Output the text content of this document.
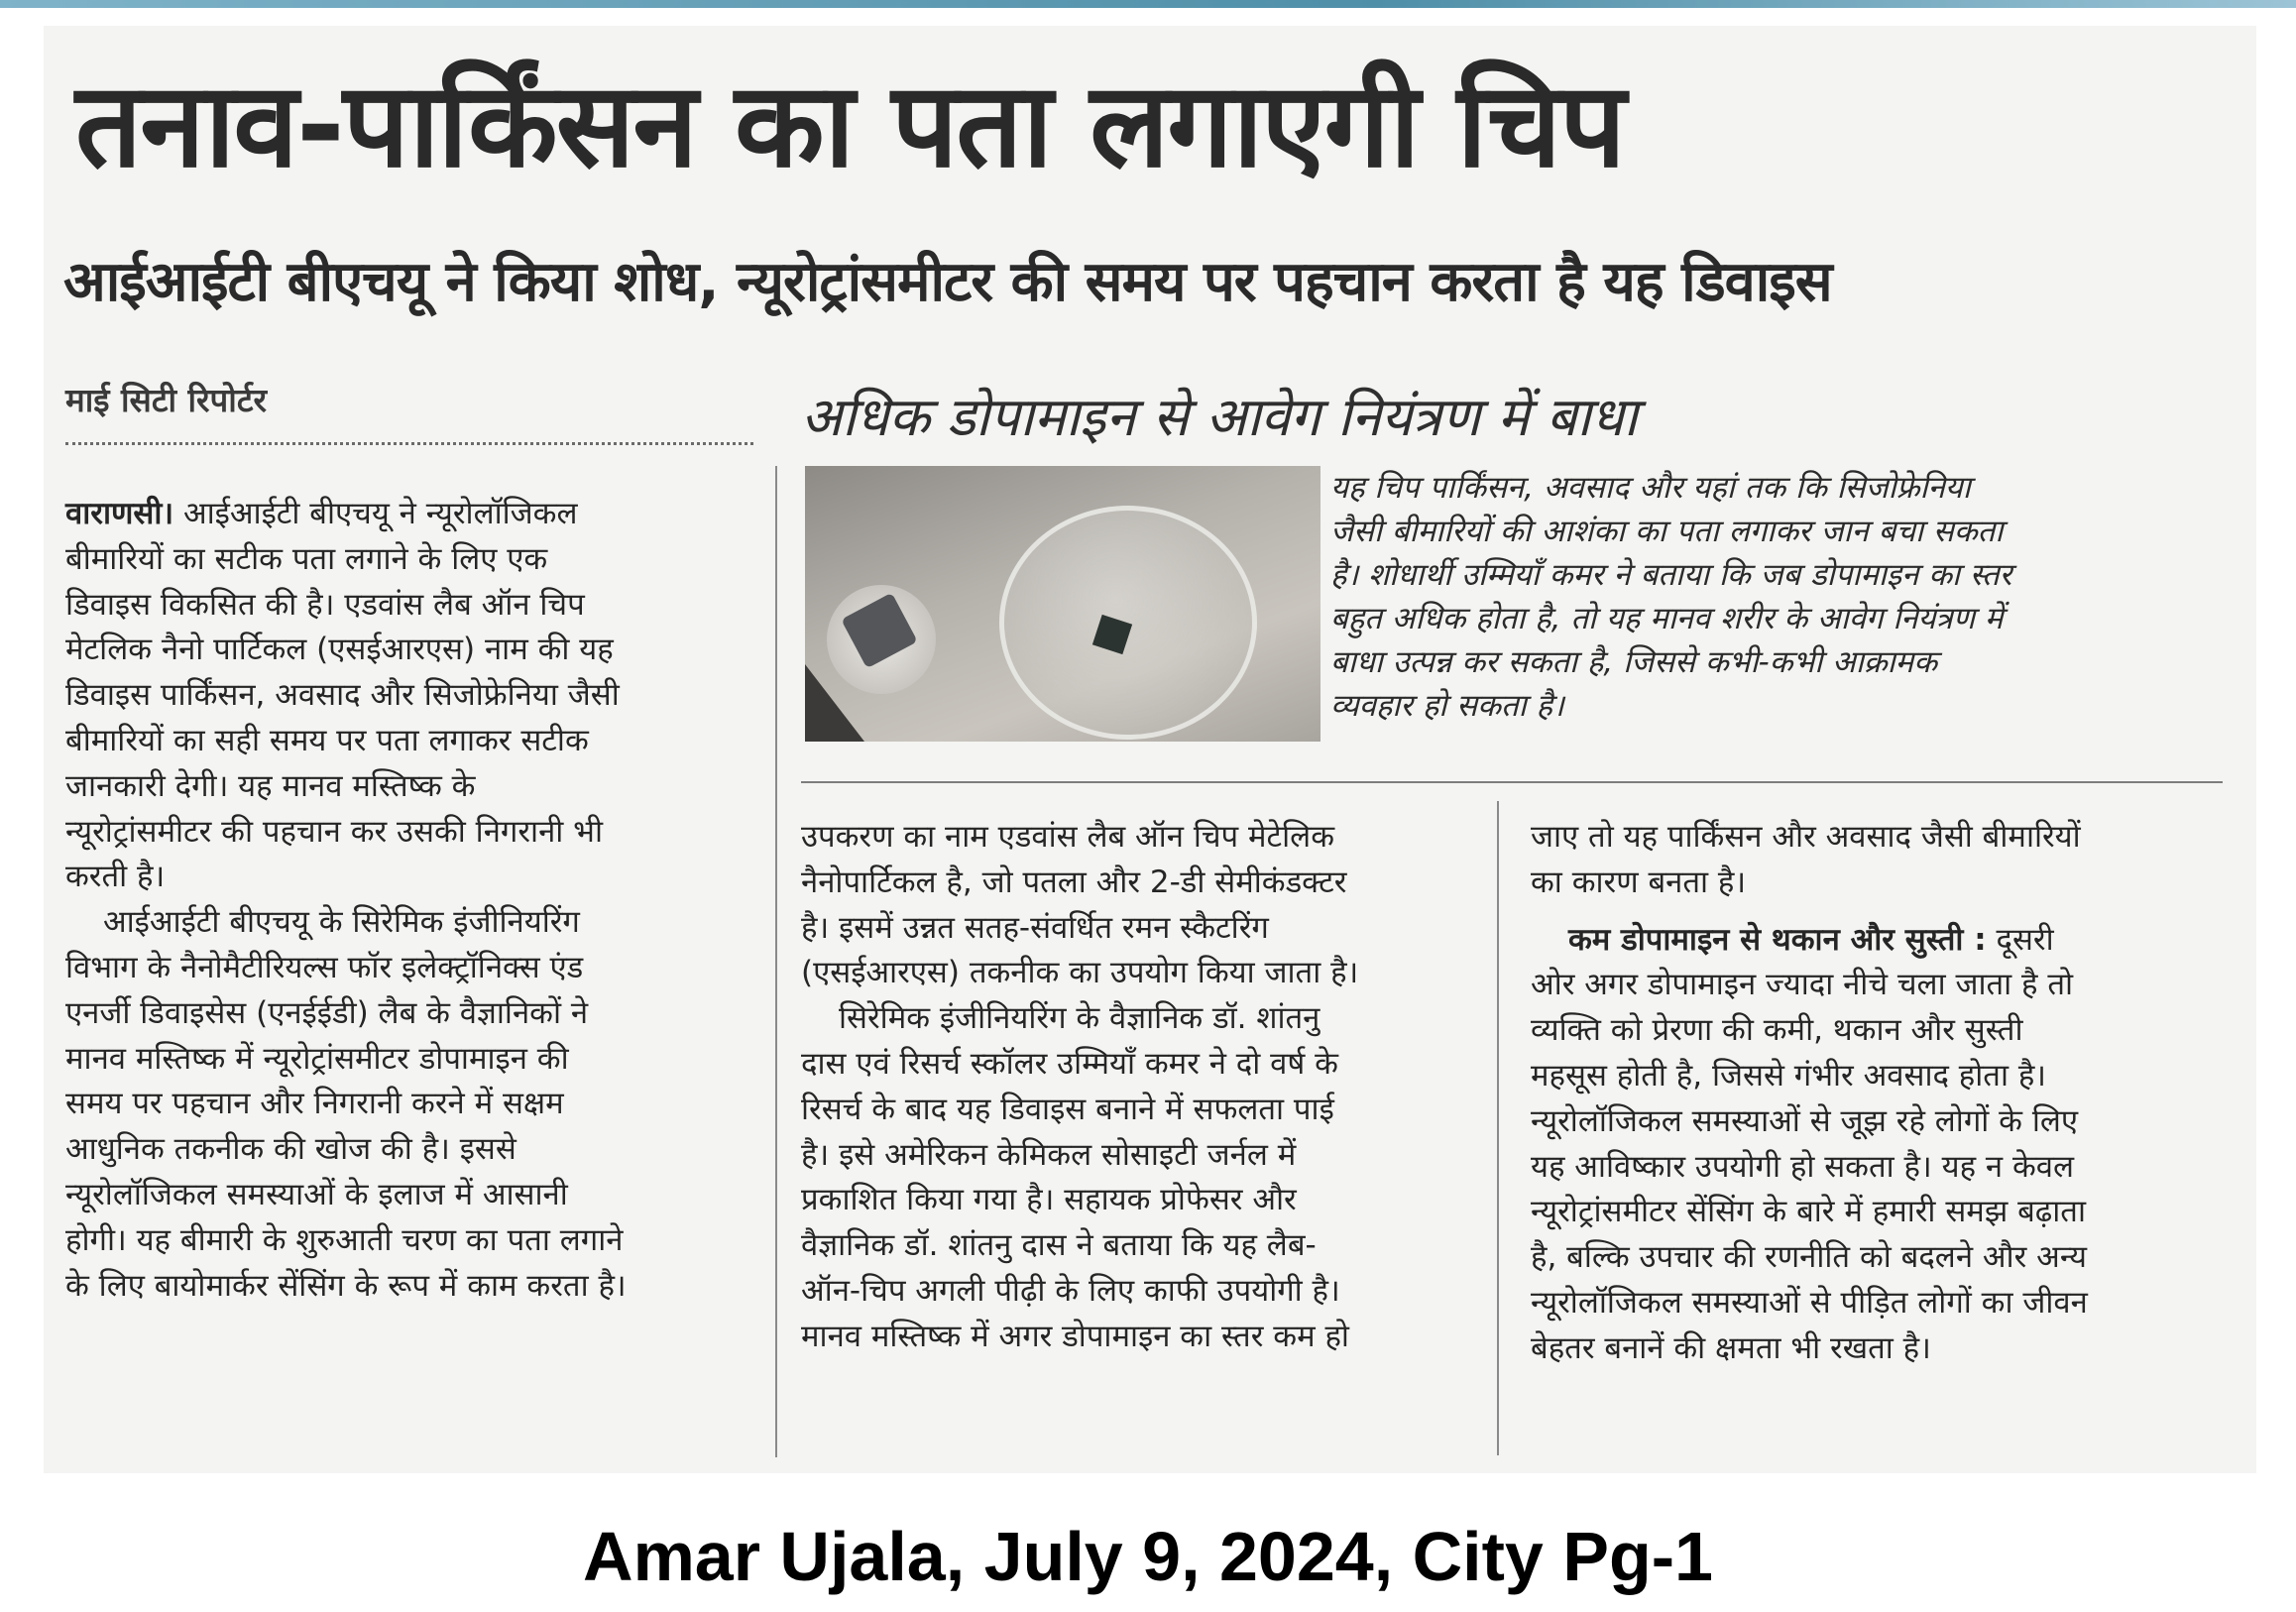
तनाव-पार्किंसन का पता लगाएगी चिप
आईआईटी बीएचयू ने किया शोध, न्यूरोट्रांसमीटर की समय पर पहचान करता है यह डिवाइस
माई सिटी रिपोर्टर	अधिक डोपामाइन से आवेग नियंत्रण में बाधा

यह चिप पार्किंसन, अवसाद और यहां तक कि सिजोफ्रेनिया

जैसी बीमारियों की आशंका का पता लगाकर जान बचा सकता

है। शोधार्थी उम्मियाँ कमर ने बताया कि जब डोपामाइन का स्तर

बहुत अधिक होता है, तो यह मानव शरीर के आवेग नियंत्रण में

बाधा उत्पन्न कर सकता है, जिससे कभी-कभी आक्रामक

व्यवहार हो सकता है।

वाराणसी। आईआईटी बीएचयू ने न्यूरोलॉजिकल

बीमारियों का सटीक पता लगाने के लिए एक

डिवाइस विकसित की है। एडवांस लैब ऑन चिप

मेटलिक नैनो पार्टिकल (एसईआरएस) नाम की यह

डिवाइस पार्किंसन, अवसाद और सिजोफ्रेनिया जैसी

बीमारियों का सही समय पर पता लगाकर सटीक

जानकारी देगी। यह मानव मस्तिष्क के

न्यूरोट्रांसमीटर की पहचान कर उसकी निगरानी भी

करती है।

आईआईटी बीएचयू के सिरेमिक इंजीनियरिंग

विभाग के नैनोमैटीरियल्स फॉर इलेक्ट्रॉनिक्स एंड

एनर्जी डिवाइसेस (एनईईडी) लैब के वैज्ञानिकों ने

मानव मस्तिष्क में न्यूरोट्रांसमीटर डोपामाइन की

समय पर पहचान और निगरानी करने में सक्षम

आधुनिक तकनीक की खोज की है। इससे

न्यूरोलॉजिकल समस्याओं के इलाज में आसानी

होगी। यह बीमारी के शुरुआती चरण का पता लगाने

के लिए बायोमार्कर सेंसिंग के रूप में काम करता है।

उपकरण का नाम एडवांस लैब ऑन चिप मेटेलिक

नैनोपार्टिकल है, जो पतला और 2-डी सेमीकंडक्टर

है। इसमें उन्नत सतह-संवर्धित रमन स्कैटरिंग

(एसईआरएस) तकनीक का उपयोग किया जाता है।

सिरेमिक इंजीनियरिंग के वैज्ञानिक डॉ. शांतनु

दास एवं रिसर्च स्कॉलर उम्मियाँ कमर ने दो वर्ष के

रिसर्च के बाद यह डिवाइस बनाने में सफलता पाई

है। इसे अमेरिकन केमिकल सोसाइटी जर्नल में

प्रकाशित किया गया है। सहायक प्रोफेसर और

वैज्ञानिक डॉ. शांतनु दास ने बताया कि यह लैब-

ऑन-चिप अगली पीढ़ी के लिए काफी उपयोगी है।

मानव मस्तिष्क में अगर डोपामाइन का स्तर कम हो

जाए तो यह पार्किंसन और अवसाद जैसी बीमारियों

का कारण बनता है।

कम डोपामाइन से थकान और सुस्ती : दूसरी

ओर अगर डोपामाइन ज्यादा नीचे चला जाता है तो

व्यक्ति को प्रेरणा की कमी, थकान और सुस्ती

महसूस होती है, जिससे गंभीर अवसाद होता है।

न्यूरोलॉजिकल समस्याओं से जूझ रहे लोगों के लिए

यह आविष्कार उपयोगी हो सकता है। यह न केवल

न्यूरोट्रांसमीटर सेंसिंग के बारे में हमारी समझ बढ़ाता

है, बल्कि उपचार की रणनीति को बदलने और अन्य

न्यूरोलॉजिकल समस्याओं से पीड़ित लोगों का जीवन

बेहतर बनानें की क्षमता भी रखता है।

Amar Ujala, July 9, 2024, City Pg-1
